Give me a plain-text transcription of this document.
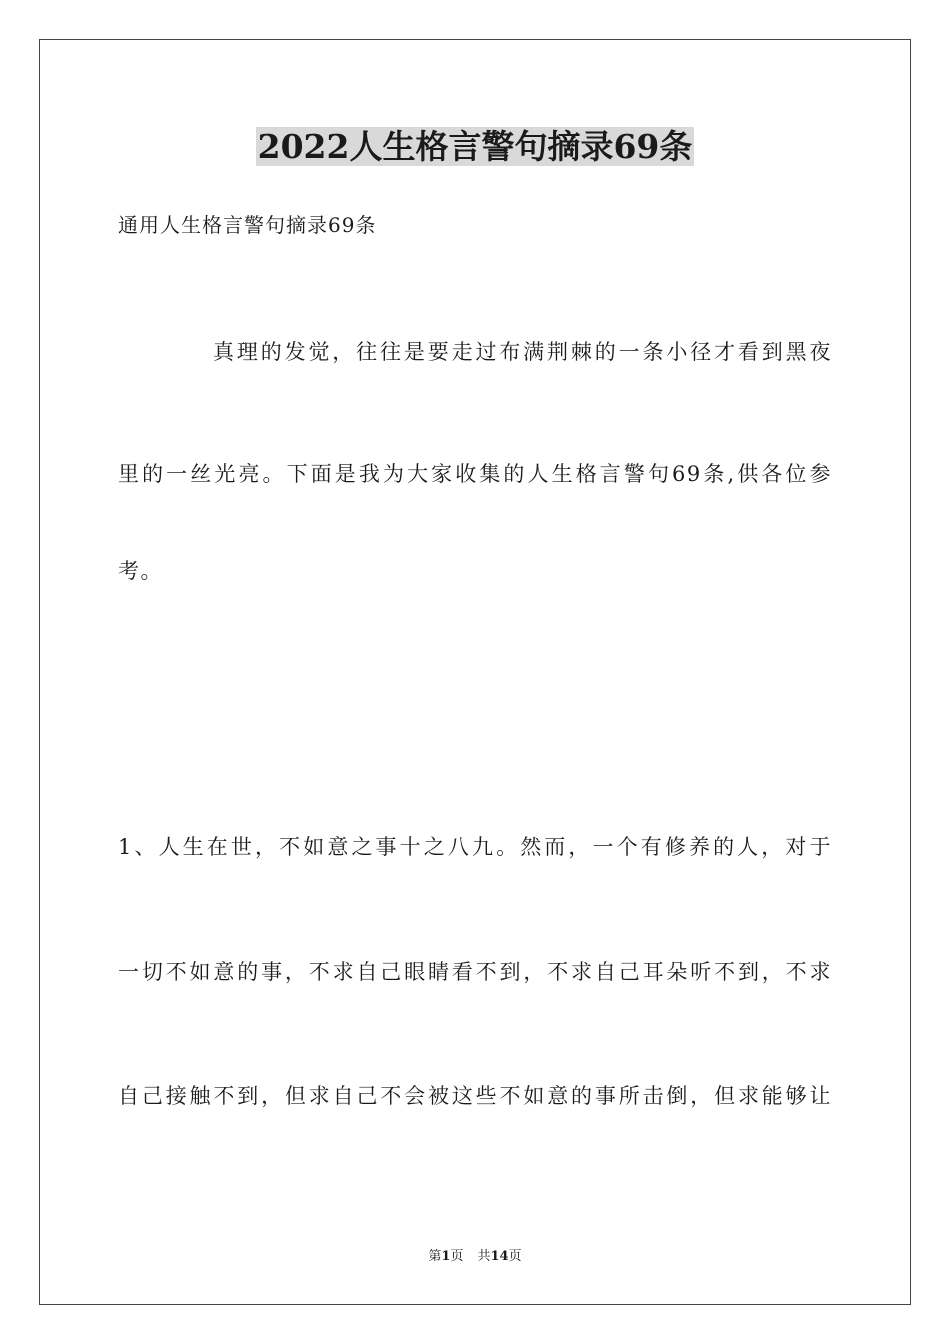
2022人生格言警句摘录69条
通用人生格言警句摘录69条
真理的发觉，往往是要走过布满荆棘的一条小径才看到黑夜
里的一丝光亮。下面是我为大家收集的人生格言警句69条,供各位参
考。
1、人生在世，不如意之事十之八九。然而，一个有修养的人，对于
一切不如意的事，不求自己眼睛看不到，不求自己耳朵听不到，不求
自己接触不到，但求自己不会被这些不如意的事所击倒，但求能够让
第1页 共14页
